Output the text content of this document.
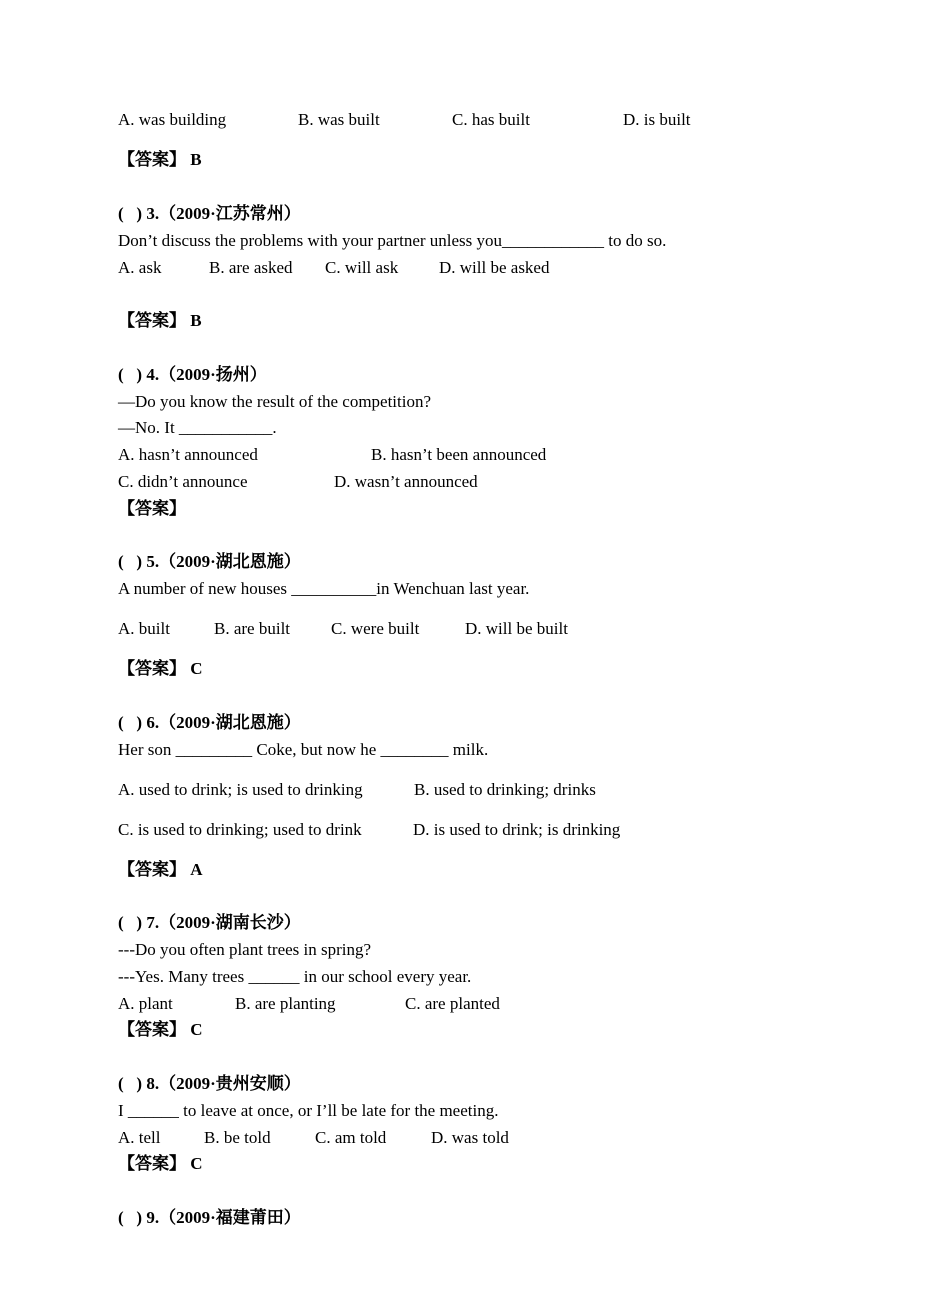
A. was building	B. was built	C. has built	D. is built
【答案】 B
(   ) 3.（2009·江苏常州）
Don’t discuss the problems with your partner unless you____________ to do so.
A. ask	B. are asked C. will ask D. will be asked
【答案】 B
(   ) 4.（2009·扬州）
—Do you know the result of the competition?
—No. It ___________.
A. hasn’t announced	B. hasn’t been announced
C. didn’t announce	D. wasn’t announced
【答案】
(   ) 5.（2009·湖北恩施）
A number of new houses __________in Wenchuan last year.
A. built	B. are built C. were built	D. will be built
【答案】 C
(   ) 6.（2009·湖北恩施）
Her son _________ Coke, but now he ________ milk.
A. used to drink; is used to drinking	B. used to drinking; drinks
C. is used to drinking; used to drink	D. is used to drink; is drinking
【答案】 A
(   ) 7.（2009·湖南长沙）
---Do you often plant trees in spring?
---Yes. Many trees ______ in our school every year.
A. plant	B. are planting	C. are planted
【答案】 C
(   ) 8.（2009·贵州安顺）
I ______ to leave at once, or I’ll be late for the meeting.
A. tell	B. be told	C. am told	D. was told
【答案】 C
(   ) 9.（2009·福建莆田）
